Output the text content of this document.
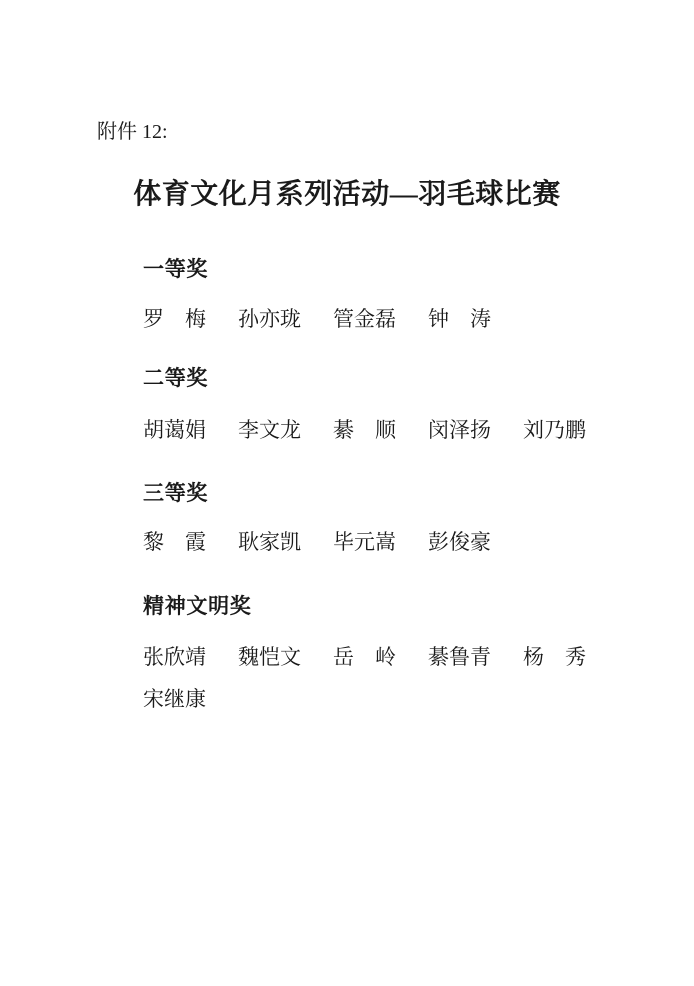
附件 12:
体育文化月系列活动—羽毛球比赛
一等奖
罗　梅 孙亦珑 管金磊 钟　涛
二等奖
胡蔼娟 李文龙 綦　顺 闵泽扬 刘乃鹏
三等奖
黎　霞 耿家凯 毕元嵩 彭俊豪
精神文明奖
张欣靖 魏恺文 岳　岭 綦鲁青 杨　秀
宋继康
